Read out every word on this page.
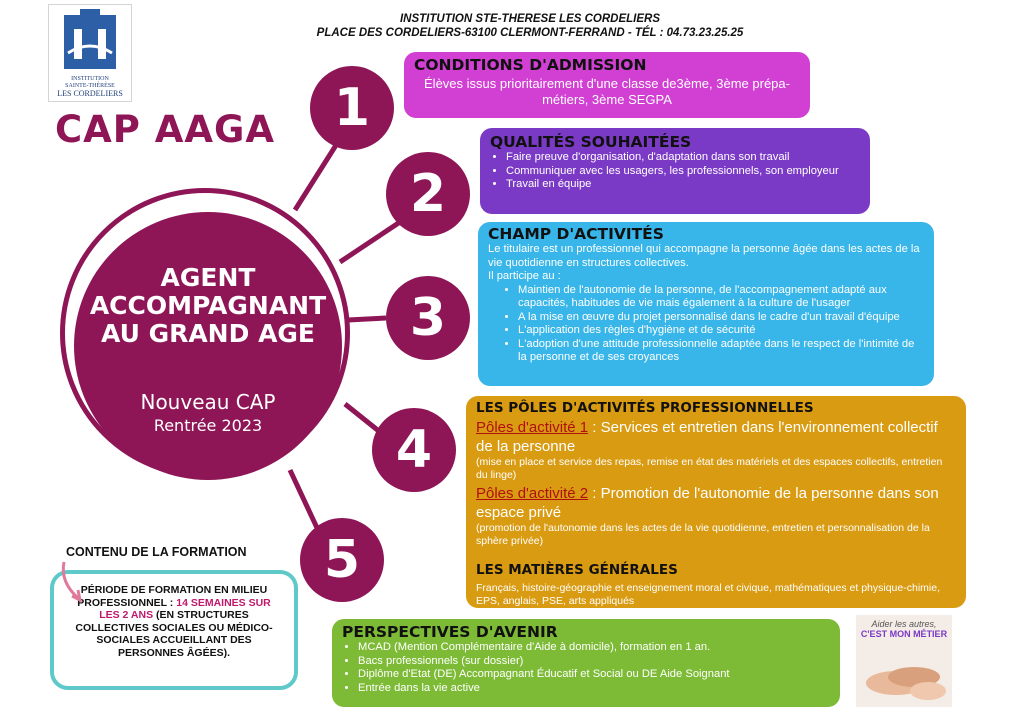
INSTITUTION STE-THERESE LES CORDELIERS
PLACE DES CORDELIERS-63100 CLERMONT-FERRAND - TÉL : 04.73.23.25.25
INSTITUTION
SAINTE-THÉRÈSE
LES CORDELIERS
CAP AAGA
AGENT
ACCOMPAGNANT
AU GRAND AGE
Nouveau CAP
Rentrée 2023
1
2
3
4
5
CONDITIONS D'ADMISSION

Élèves issus prioritairement d'une classe de3ème, 3ème prépa-métiers, 3ème SEGPA

QUALITÉS SOUHAITÉES
• Faire preuve d'organisation, d'adaptation dans son travail
• Communiquer avec les usagers, les professionnels, son employeur
• Travail en équipe
CHAMP D'ACTIVITÉS

Le titulaire est un professionnel qui accompagne la personne âgée dans les actes de la vie quotidienne en structures collectives.

Il participe au :

• Maintien de l'autonomie de la personne, de l'accompagnement adapté aux capacités, habitudes de vie mais également à la culture de l'usager
• A la mise en œuvre du projet personnalisé dans le cadre d'un travail d'équipe
• L'application des règles d'hygiène et de sécurité
• L'adoption d'une attitude professionnelle adaptée dans le respect de l'intimité de la personne et de ses croyances

LES PÔLES D'ACTIVITÉS PROFESSIONNELLES

Pôles d'activité 1 : Services et entretien dans l'environnement collectif de la personne

(mise en place et service des repas, remise en état des matériels et des espaces collectifs, entretien du linge)

Pôles d'activité 2 : Promotion de l'autonomie de la personne dans son espace privé

(promotion de l'autonomie dans les actes de la vie quotidienne, entretien et personnalisation de la sphère privée)

LES MATIÈRES GÉNÉRALES

Français, histoire-géographie et enseignement moral et civique, mathématiques et physique-chimie, EPS, anglais, PSE, arts appliqués

PERSPECTIVES D'AVENIR
• MCAD (Mention Complémentaire d'Aide à domicile), formation en 1 an.
• Bacs professionnels (sur dossier)
• Diplôme d'Etat (DE) Accompagnant Éducatif et Social ou DE Aide Soignant
• Entrée dans la vie active
CONTENU DE LA FORMATION
PÉRIODE DE FORMATION EN MILIEU PROFESSIONNEL : 14 SEMAINES SUR LES 2 ANS (EN STRUCTURES COLLECTIVES SOCIALES OU MÉDICO-SOCIALES ACCUEILLANT DES PERSONNES ÂGÉES).
Aider les autres,
C'EST MON MÉTIER
